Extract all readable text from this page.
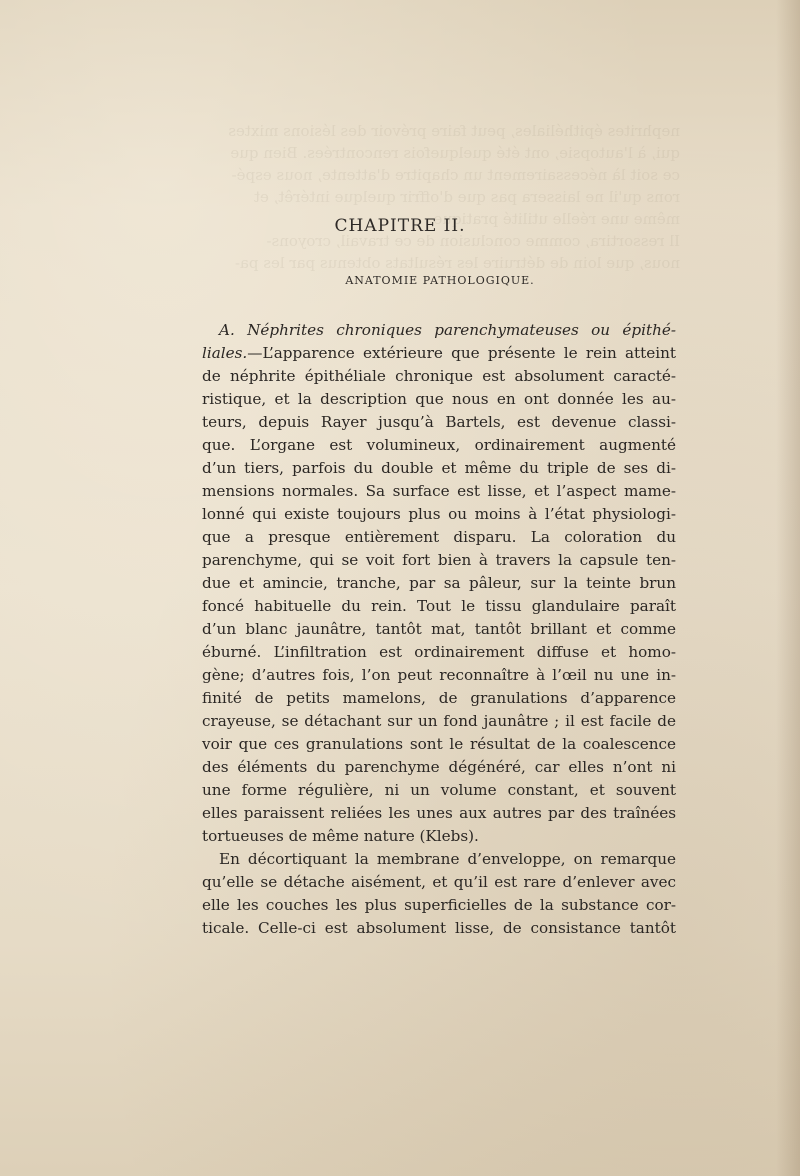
nephrites épithéliales, peut faire prévoir des lésions mixtes
qui, à l'autopsie, ont été quelquefois rencontrées. Bien que
ce soit là nécessairement un chapitre d'attente, nous espé-
rons qu'il ne laissera pas que d'offrir quelque intérêt, et
même une réelle utilité pratique.
Il ressortira, comme conclusion de ce travail, croyons-
nous, que loin de détruire les résultats obtenus par les pa-
CHAPITRE II.
ANATOMIE PATHOLOGIQUE.
A. Néphrites chroniques parenchymateuses ou épithé-
liales.—L’apparence extérieure que présente le rein atteint
de néphrite épithéliale chronique est absolument caracté-
ristique, et la description que nous en ont donnée les au-
teurs, depuis Rayer jusqu’à Bartels, est devenue classi-
que. L’organe est volumineux, ordinairement augmenté
d’un tiers, parfois du double et même du triple de ses di-
mensions normales. Sa surface est lisse, et l’aspect mame-
lonné qui existe toujours plus ou moins à l’état physiologi-
que a presque entièrement disparu. La coloration du
parenchyme, qui se voit fort bien à travers la capsule ten-
due et amincie, tranche, par sa pâleur, sur la teinte brun
foncé habituelle du rein. Tout le tissu glandulaire paraît
d’un blanc jaunâtre, tantôt mat, tantôt brillant et comme
éburné. L’infiltration est ordinairement diffuse et homo-
gène; d’autres fois, l’on peut reconnaître à l’œil nu une in-
finité de petits mamelons, de granulations d’apparence
crayeuse, se détachant sur un fond jaunâtre ; il est facile de
voir que ces granulations sont le résultat de la coalescence
des éléments du parenchyme dégénéré, car elles n’ont ni
une forme régulière, ni un volume constant, et souvent
elles paraissent reliées les unes aux autres par des traînées
tortueuses de même nature (Klebs).
En décortiquant la membrane d’enveloppe, on remarque
qu’elle se détache aisément, et qu’il est rare d’enlever avec
elle les couches les plus superficielles de la substance cor-
ticale. Celle-ci est absolument lisse, de consistance tantôt
